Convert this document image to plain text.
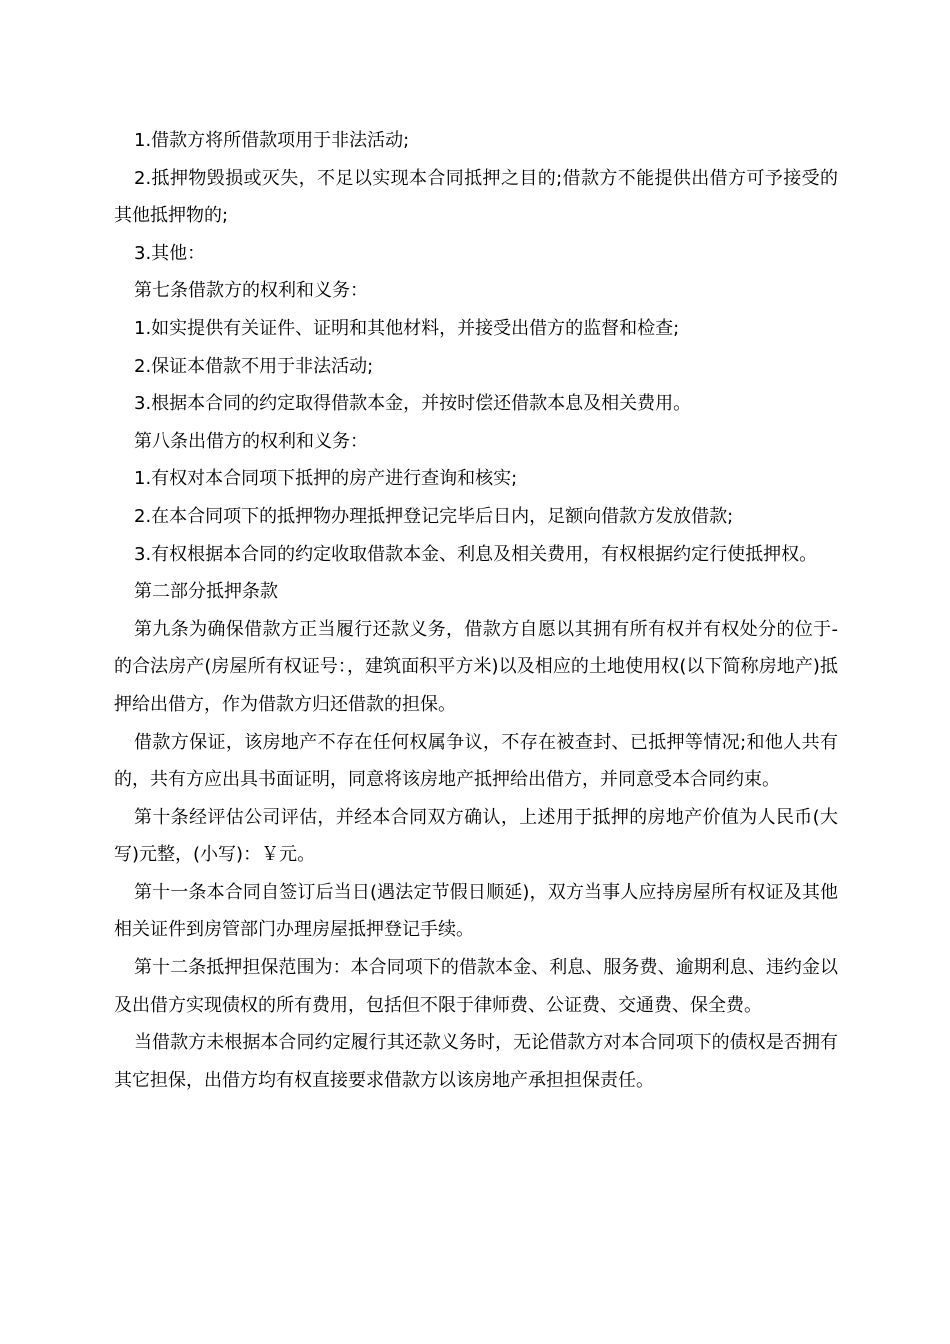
1.借款方将所借款项用于非法活动;

2.抵押物毁损或灭失，不足以实现本合同抵押之目的;借款方不能提供出借方可予接受的其他抵押物的;

3.其他：

第七条借款方的权利和义务：

1.如实提供有关证件、证明和其他材料，并接受出借方的监督和检查;

2.保证本借款不用于非法活动;

3.根据本合同的约定取得借款本金，并按时偿还借款本息及相关费用。

第八条出借方的权利和义务：

1.有权对本合同项下抵押的房产进行查询和核实;

2.在本合同项下的抵押物办理抵押登记完毕后日内，足额向借款方发放借款;

3.有权根据本合同的约定收取借款本金、利息及相关费用，有权根据约定行使抵押权。

第二部分抵押条款

第九条为确保借款方正当履行还款义务，借款方自愿以其拥有所有权并有权处分的位于-的合法房产(房屋所有权证号：，建筑面积平方米)以及相应的土地使用权(以下简称房地产)抵押给出借方，作为借款方归还借款的担保。

借款方保证，该房地产不存在任何权属争议，不存在被查封、已抵押等情况;和他人共有的，共有方应出具书面证明，同意将该房地产抵押给出借方，并同意受本合同约束。

第十条经评估公司评估，并经本合同双方确认，上述用于抵押的房地产价值为人民币(大写)元整，(小写)：￥元。

第十一条本合同自签订后当日(遇法定节假日顺延)，双方当事人应持房屋所有权证及其他相关证件到房管部门办理房屋抵押登记手续。

第十二条抵押担保范围为：本合同项下的借款本金、利息、服务费、逾期利息、违约金以及出借方实现债权的所有费用，包括但不限于律师费、公证费、交通费、保全费。

当借款方未根据本合同约定履行其还款义务时，无论借款方对本合同项下的债权是否拥有其它担保，出借方均有权直接要求借款方以该房地产承担担保责任。
